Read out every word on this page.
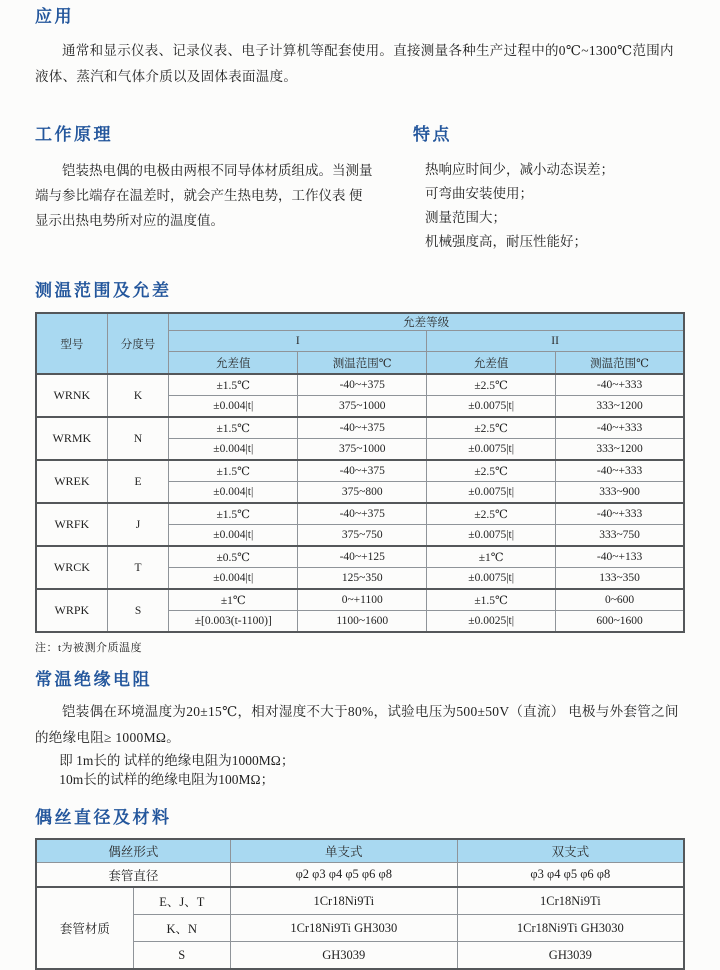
应用

通常和显示仪表、记录仪表、电子计算机等配套使用。直接测量各种生产过程中的0℃~1300℃范围内液体、蒸汽和气体介质以及固体表面温度。

工作原理

铠装热电偶的电极由两根不同导体材质组成。当测量端与参比端存在温差时，就会产生热电势，工作仪表 便显示出热电势所对应的温度值。

特点
热响应时间少，减小动态误差；
可弯曲安装使用；
测量范围大；
机械强度高，耐压性能好；
测温范围及允差
型号	分度号	允差等级			
		I		II	
		允差值	测温范围℃	允差值	测温范围℃
WRNK	K	±1.5℃	-40~+375	±2.5℃	-40~+333
		±0.004|t|	375~1000	±0.0075|t|	333~1200
WRMK	N	±1.5℃	-40~+375	±2.5℃	-40~+333
		±0.004|t|	375~1000	±0.0075|t|	333~1200
WREK	E	±1.5℃	-40~+375	±2.5℃	-40~+333
		±0.004|t|	375~800	±0.0075|t|	333~900
WRFK	J	±1.5℃	-40~+375	±2.5℃	-40~+333
		±0.004|t|	375~750	±0.0075|t|	333~750
WRCK	T	±0.5℃	-40~+125	±1℃	-40~+133
		±0.004|t|	125~350	±0.0075|t|	133~350
WRPK	S	±1℃	0~+1100	±1.5℃	0~600
		±[0.003(t-1100)]	1100~1600	±0.0025|t|	600~1600

注：t为被测介质温度

常温绝缘电阻

铠装偶在环境温度为20±15℃，相对湿度不大于80%，试验电压为500±50V（直流） 电极与外套管之间的绝缘电阻≥ 1000MΩ。

即 1m长的 试样的绝缘电阻为1000MΩ；

10m长的试样的绝缘电阻为100MΩ；

偶丝直径及材料
偶丝形式		单支式	双支式
套管直径		φ2 φ3 φ4 φ5 φ6 φ8	φ3 φ4 φ5 φ6 φ8
套管材质	E、J、T	1Cr18Ni9Ti	1Cr18Ni9Ti
	K、N	1Cr18Ni9Ti GH3030	1Cr18Ni9Ti GH3030
	S	GH3039	GH3039
